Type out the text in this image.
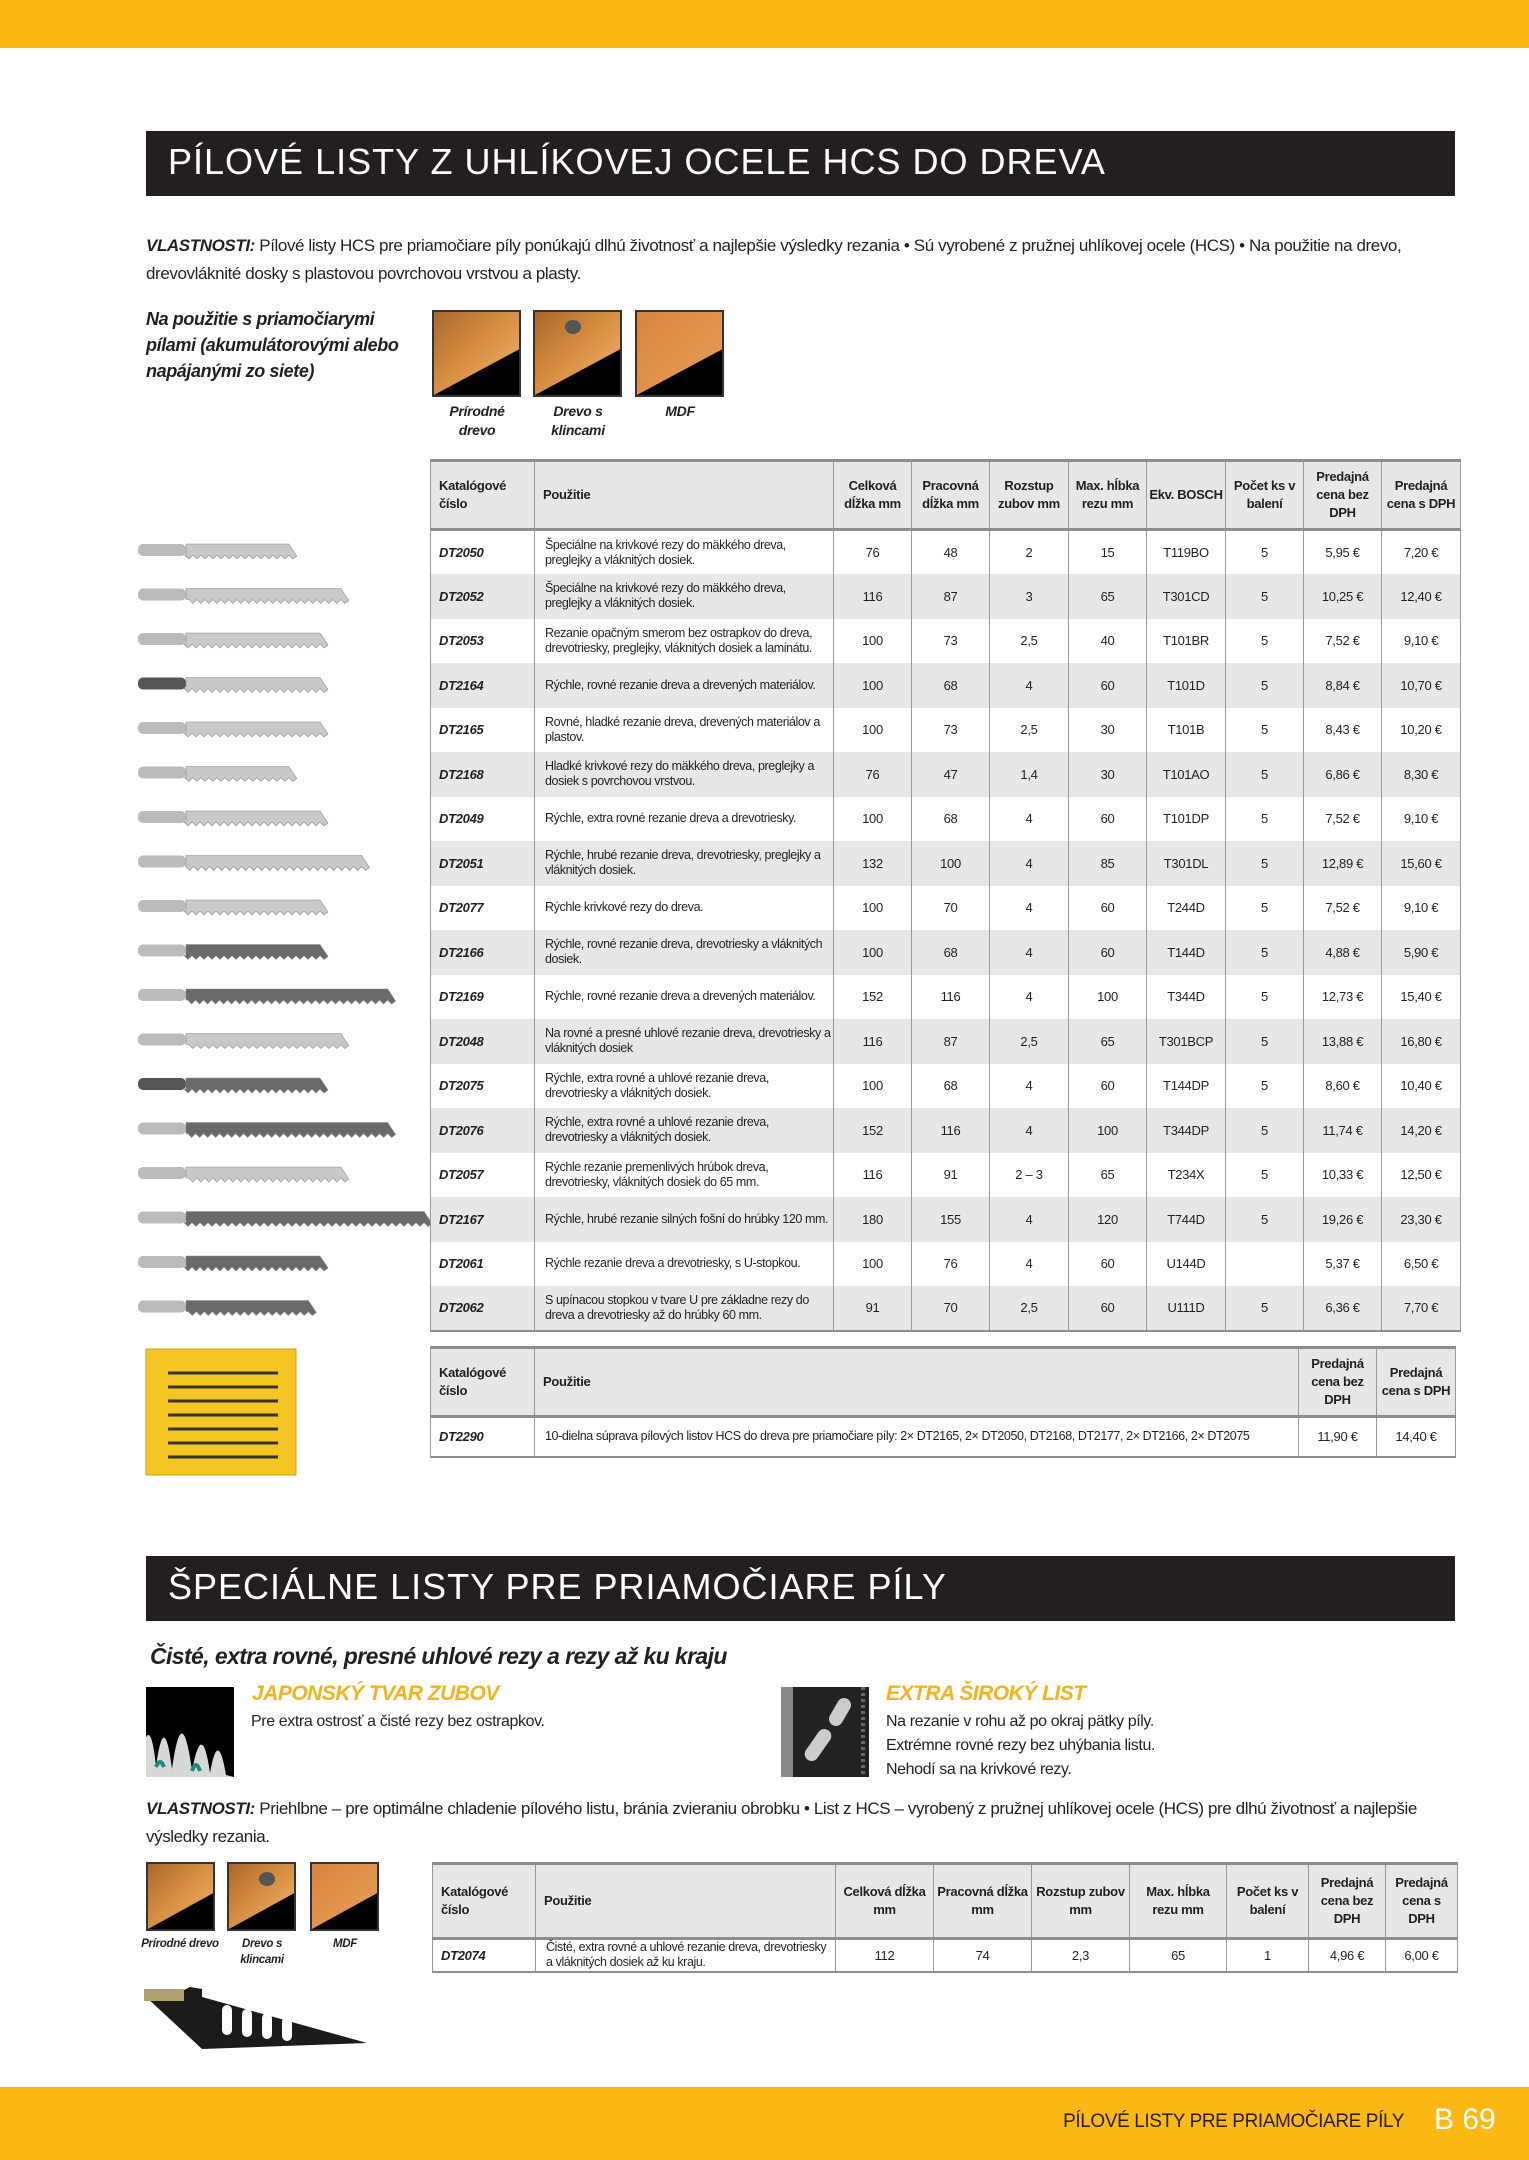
PÍLOVÉ LISTY Z UHLÍKOVEJ OCELE HCS DO DREVA

VLASTNOSTI: Pílové listy HCS pre priamočiare píly ponúkajú dlhú životnosť a najlepšie výsledky rezania • Sú vyrobené z pružnej uhlíkovej ocele (HCS) • Na použitie na drevo, drevovláknité dosky s plastovou povrchovou vrstvou a plasty.

Na použitie s priamočiarymi pílami (akumulátorovými alebo napájanými zo siete)

Prírodné drevo
Drevo s klincami
MDF
Katalógové číslo	Použitie	Celková dĺžka mm	Pracovná dĺžka mm	Rozstup zubov mm	Max. hĺbka rezu mm	Ekv. BOSCH	Počet ks v balení	Predajná cena bez DPH	Predajná cena s DPH
DT2050	Špeciálne na krivkové rezy do mäkkého dreva, preglejky a vláknitých dosiek.	76	48	2	15	T119BO	5	5,95 €	7,20 €
DT2052	Špeciálne na krivkové rezy do mäkkého dreva, preglejky a vláknitých dosiek.	116	87	3	65	T301CD	5	10,25 €	12,40 €
DT2053	Rezanie opačným smerom bez ostrapkov do dreva, drevotriesky, preglejky, vláknitých dosiek a laminátu.	100	73	2,5	40	T101BR	5	7,52 €	9,10 €
DT2164	Rýchle, rovné rezanie dreva a drevených materiálov.	100	68	4	60	T101D	5	8,84 €	10,70 €
DT2165	Rovné, hladké rezanie dreva, drevených materiálov a plastov.	100	73	2,5	30	T101B	5	8,43 €	10,20 €
DT2168	Hladké krivkové rezy do mäkkého dreva, preglejky a dosiek s povrchovou vrstvou.	76	47	1,4	30	T101AO	5	6,86 €	8,30 €
DT2049	Rýchle, extra rovné rezanie dreva a drevotriesky.	100	68	4	60	T101DP	5	7,52 €	9,10 €
DT2051	Rýchle, hrubé rezanie dreva, drevotriesky, preglejky a vláknitých dosiek.	132	100	4	85	T301DL	5	12,89 €	15,60 €
DT2077	Rýchle krivkové rezy do dreva.	100	70	4	60	T244D	5	7,52 €	9,10 €
DT2166	Rýchle, rovné rezanie dreva, drevotriesky a vláknitých dosiek.	100	68	4	60	T144D	5	4,88 €	5,90 €
DT2169	Rýchle, rovné rezanie dreva a drevených materiálov.	152	116	4	100	T344D	5	12,73 €	15,40 €
DT2048	Na rovné a presné uhlové rezanie dreva, drevotriesky a vláknitých dosiek	116	87	2,5	65	T301BCP	5	13,88 €	16,80 €
DT2075	Rýchle, extra rovné a uhlové rezanie dreva, drevotriesky a vláknitých dosiek.	100	68	4	60	T144DP	5	8,60 €	10,40 €
DT2076	Rýchle, extra rovné a uhlové rezanie dreva, drevotriesky a vláknitých dosiek.	152	116	4	100	T344DP	5	11,74 €	14,20 €
DT2057	Rýchle rezanie premenlivých hrúbok dreva, drevotriesky, vláknitých dosiek do 65 mm.	116	91	2 – 3	65	T234X	5	10,33 €	12,50 €
DT2167	Rýchle, hrubé rezanie silných fošní do hrúbky 120 mm.	180	155	4	120	T744D	5	19,26 €	23,30 €
DT2061	Rýchle rezanie dreva a drevotriesky, s U-stopkou.	100	76	4	60	U144D		5,37 €	6,50 €
DT2062	S upínacou stopkou v tvare U pre základne rezy do dreva a drevotriesky až do hrúbky 60 mm.	91	70	2,5	60	U111D	5	6,36 €	7,70 €
Katalógové číslo	Použitie	Predajná cena bez DPH	Predajná cena s DPH
DT2290	10-dielna súprava pílových listov HCS do dreva pre priamočiare píly: 2× DT2165, 2× DT2050, DT2168, DT2177, 2× DT2166, 2× DT2075	11,90 €	14,40 €
ŠPECIÁLNE LISTY PRE PRIAMOČIARE PÍLY
Čisté, extra rovné, presné uhlové rezy a rezy až ku kraju
JAPONSKÝ TVAR ZUBOV
Pre extra ostrosť a čisté rezy bez ostrapkov.
EXTRA ŠIROKÝ LIST
Na rezanie v rohu až po okraj pätky píly.
Extrémne rovné rezy bez uhýbania listu.
Nehodí sa na krivkové rezy.

VLASTNOSTI: Priehlbne – pre optimálne chladenie pílového listu, bránia zvieraniu obrobku • List z HCS – vyrobený z pružnej uhlíkovej ocele (HCS) pre dlhú životnosť a najlepšie výsledky rezania.

Prírodné drevo	Drevo s klincami
MDF
Katalógové číslo	Použitie	Celková dĺžka mm	Pracovná dĺžka mm	Rozstup zubov mm	Max. hĺbka rezu mm	Počet ks v balení	Predajná cena bez DPH	Predajná cena s DPH
DT2074	Čisté, extra rovné a uhlové rezanie dreva, drevotriesky a vláknitých dosiek až ku kraju.	112	74	2,3	65	1	4,96 €	6,00 €
PÍLOVÉ LISTY PRE PRIAMOČIARE PÍLY B 69
